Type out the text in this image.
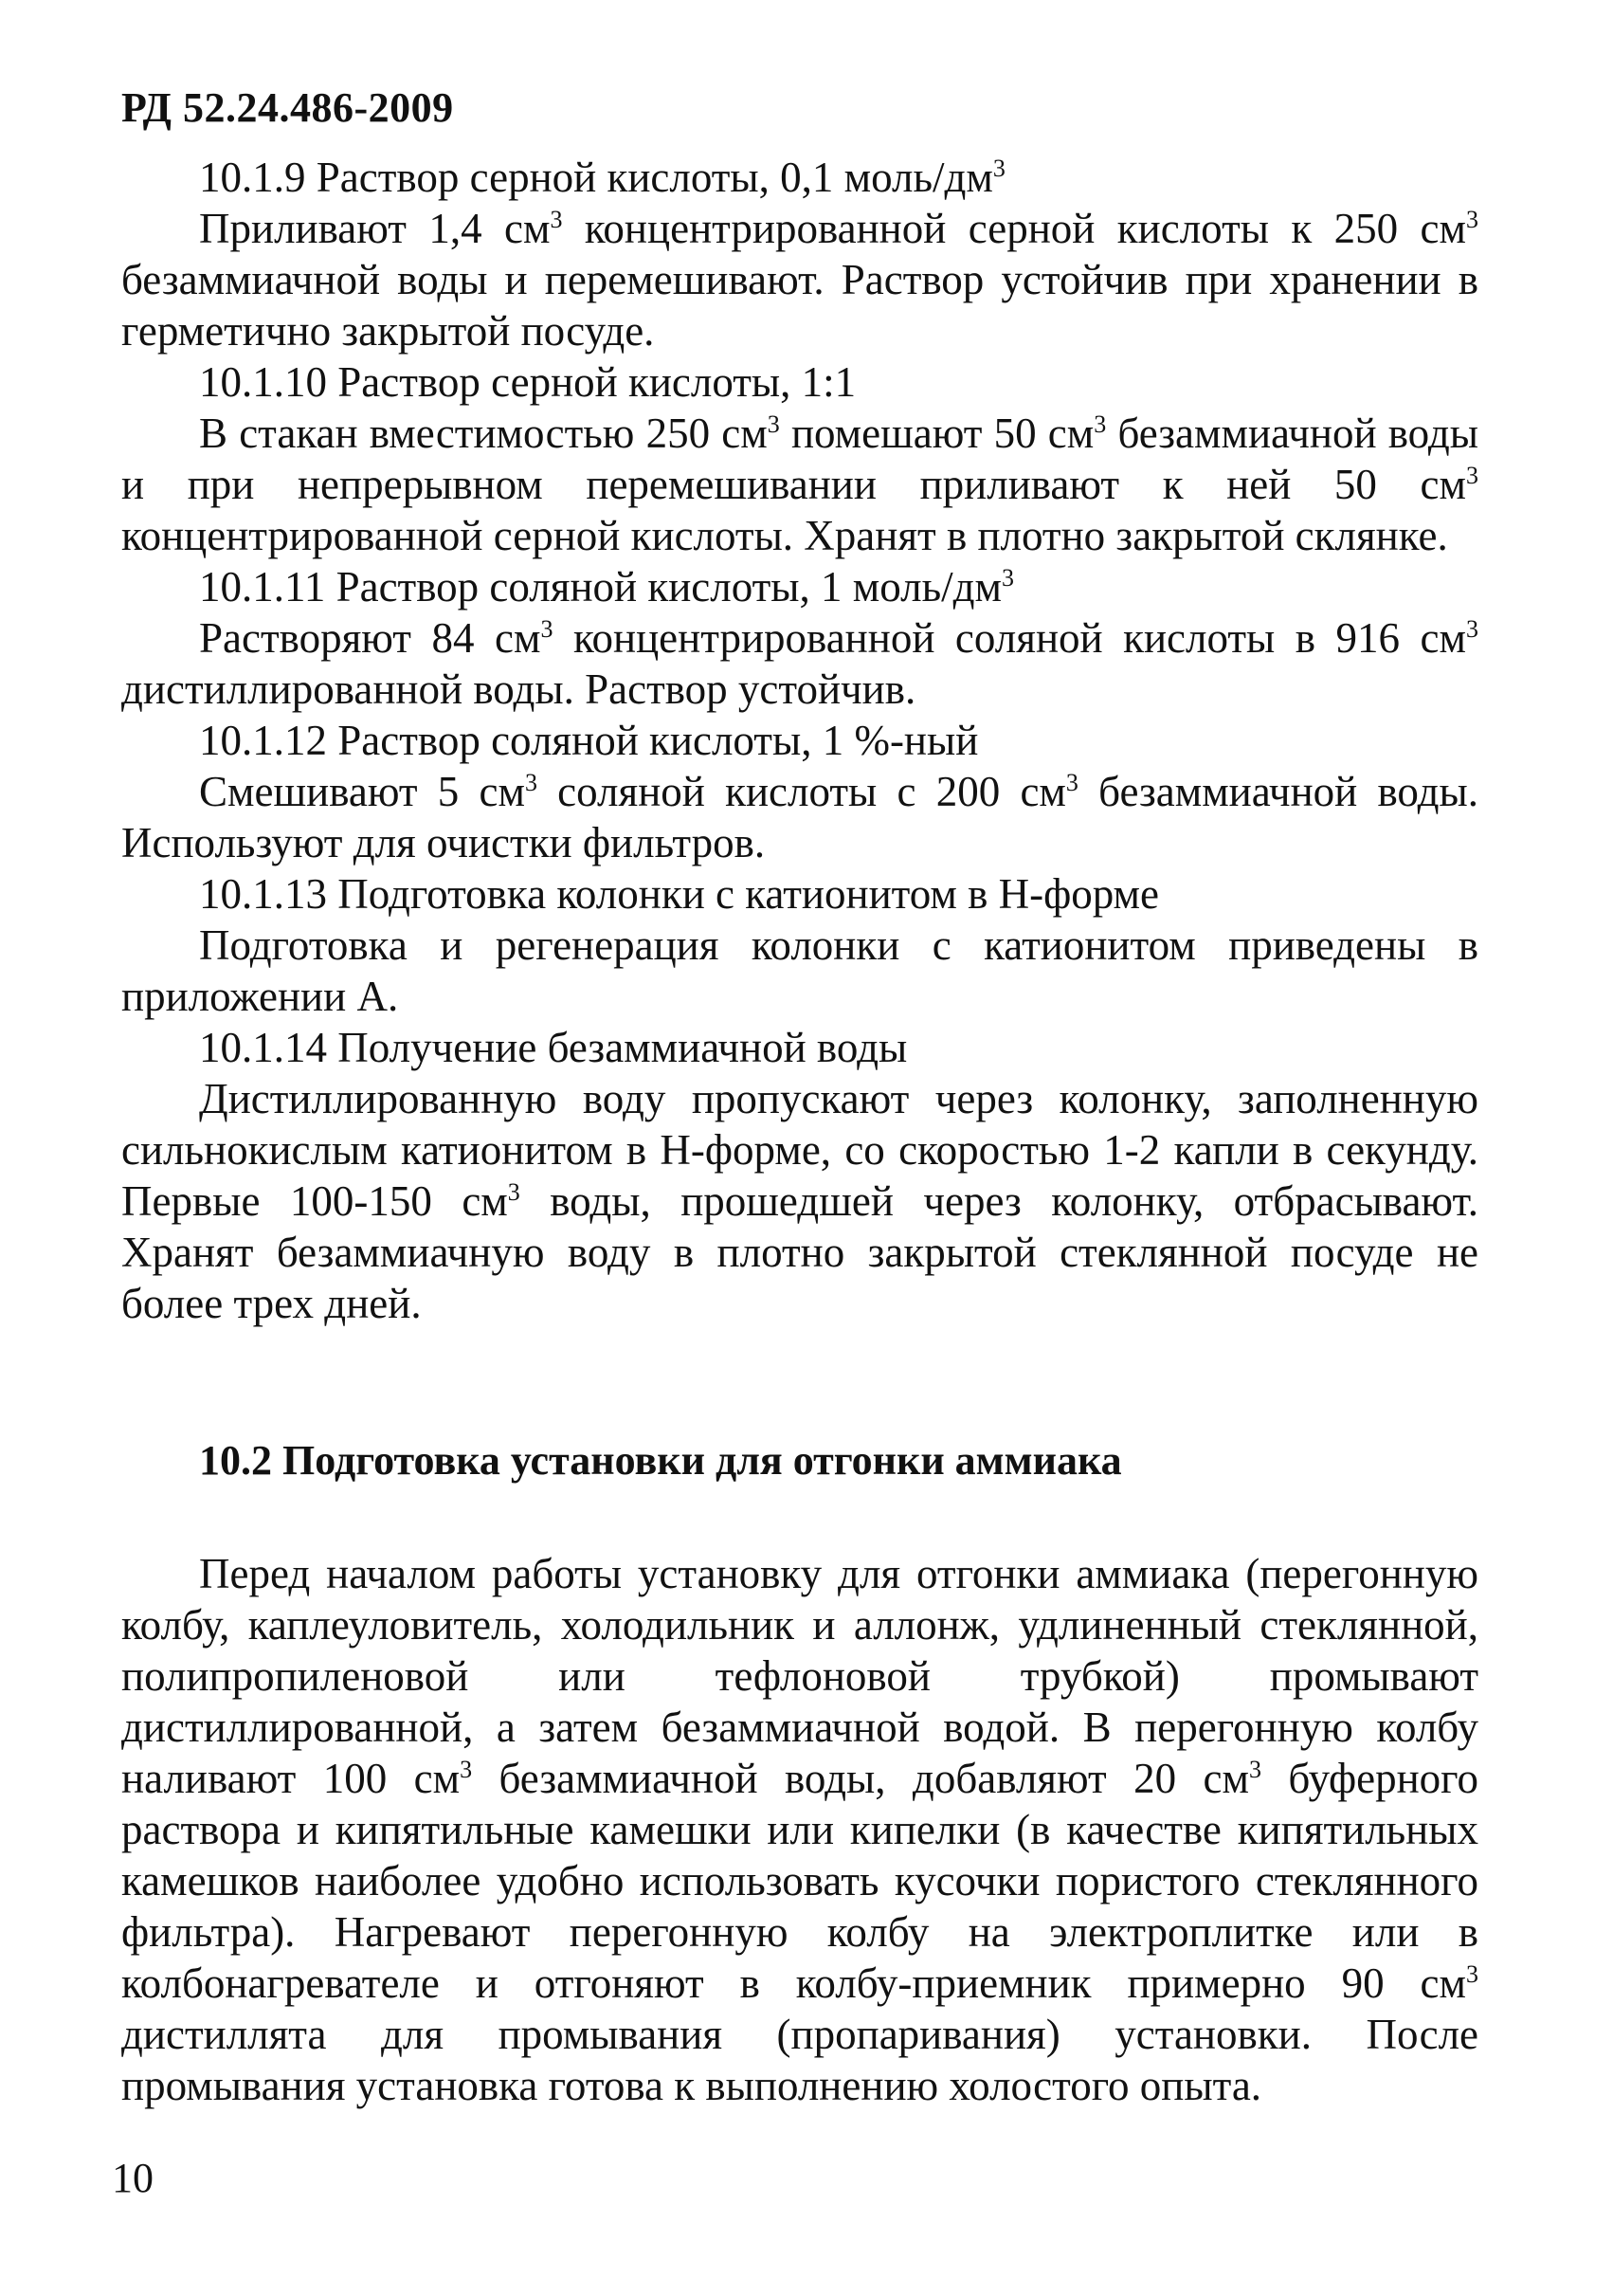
РД 52.24.486-2009

10.1.9 Раствор серной кислоты, 0,1 моль/$дм^3$

Приливают 1,4 $см^3$ концентрированной серной кислоты к 250 $см^3$ безаммиачной воды и перемешивают. Раствор устойчив при хранении в герметично закрытой посуде.

10.1.10 Раствор серной кислоты, 1:1

В стакан вместимостью 250 $см^3$ помешают 50 $см^3$ безаммиачной воды и при непрерывном перемешивании приливают к ней 50 $см^3$ концентрированной серной кислоты. Хранят в плотно закрытой склянке.

10.1.11 Раствор соляной кислоты, 1 моль/$дм^3$

Растворяют 84 $см^3$ концентрированной соляной кислоты в 916 $см^3$ дистиллированной воды. Раствор устойчив.

10.1.12 Раствор соляной кислоты, 1 %-ный

Смешивают 5 $см^3$ соляной кислоты с 200 $см^3$ безаммиачной воды. Используют для очистки фильтров.

10.1.13 Подготовка колонки с катионитом в Н-форме

Подготовка и регенерация колонки с катионитом приведены в приложении А.

10.1.14 Получение безаммиачной воды

Дистиллированную воду пропускают через колонку, заполненную сильнокислым катионитом в Н-форме, со скоростью 1-2 капли в секунду. Первые 100-150 $см^3$ воды, прошедшей через колонку, отбрасывают. Хранят безаммиачную воду в плотно закрытой стеклянной посуде не более трех дней.

10.2 Подготовка установки для отгонки аммиака

Перед началом работы установку для отгонки аммиака (перегонную колбу, каплеуловитель, холодильник и аллонж, удлиненный стеклянной, полипропиленовой или тефлоновой трубкой) промывают дистиллированной, а затем безаммиачной водой. В перегонную колбу наливают 100 $см^3$ безаммиачной воды, добавляют 20 $см^3$ буферного раствора и кипятильные камешки или кипелки (в качестве кипятильных камешков наиболее удобно использовать кусочки пористого стеклянного фильтра). Нагревают перегонную колбу на электроплитке или в колбонагревателе и отгоняют в колбу-приемник примерно 90 $см^3$ дистиллята для промывания (пропаривания) установки. После промывания установка готова к выполнению холостого опыта.

10
